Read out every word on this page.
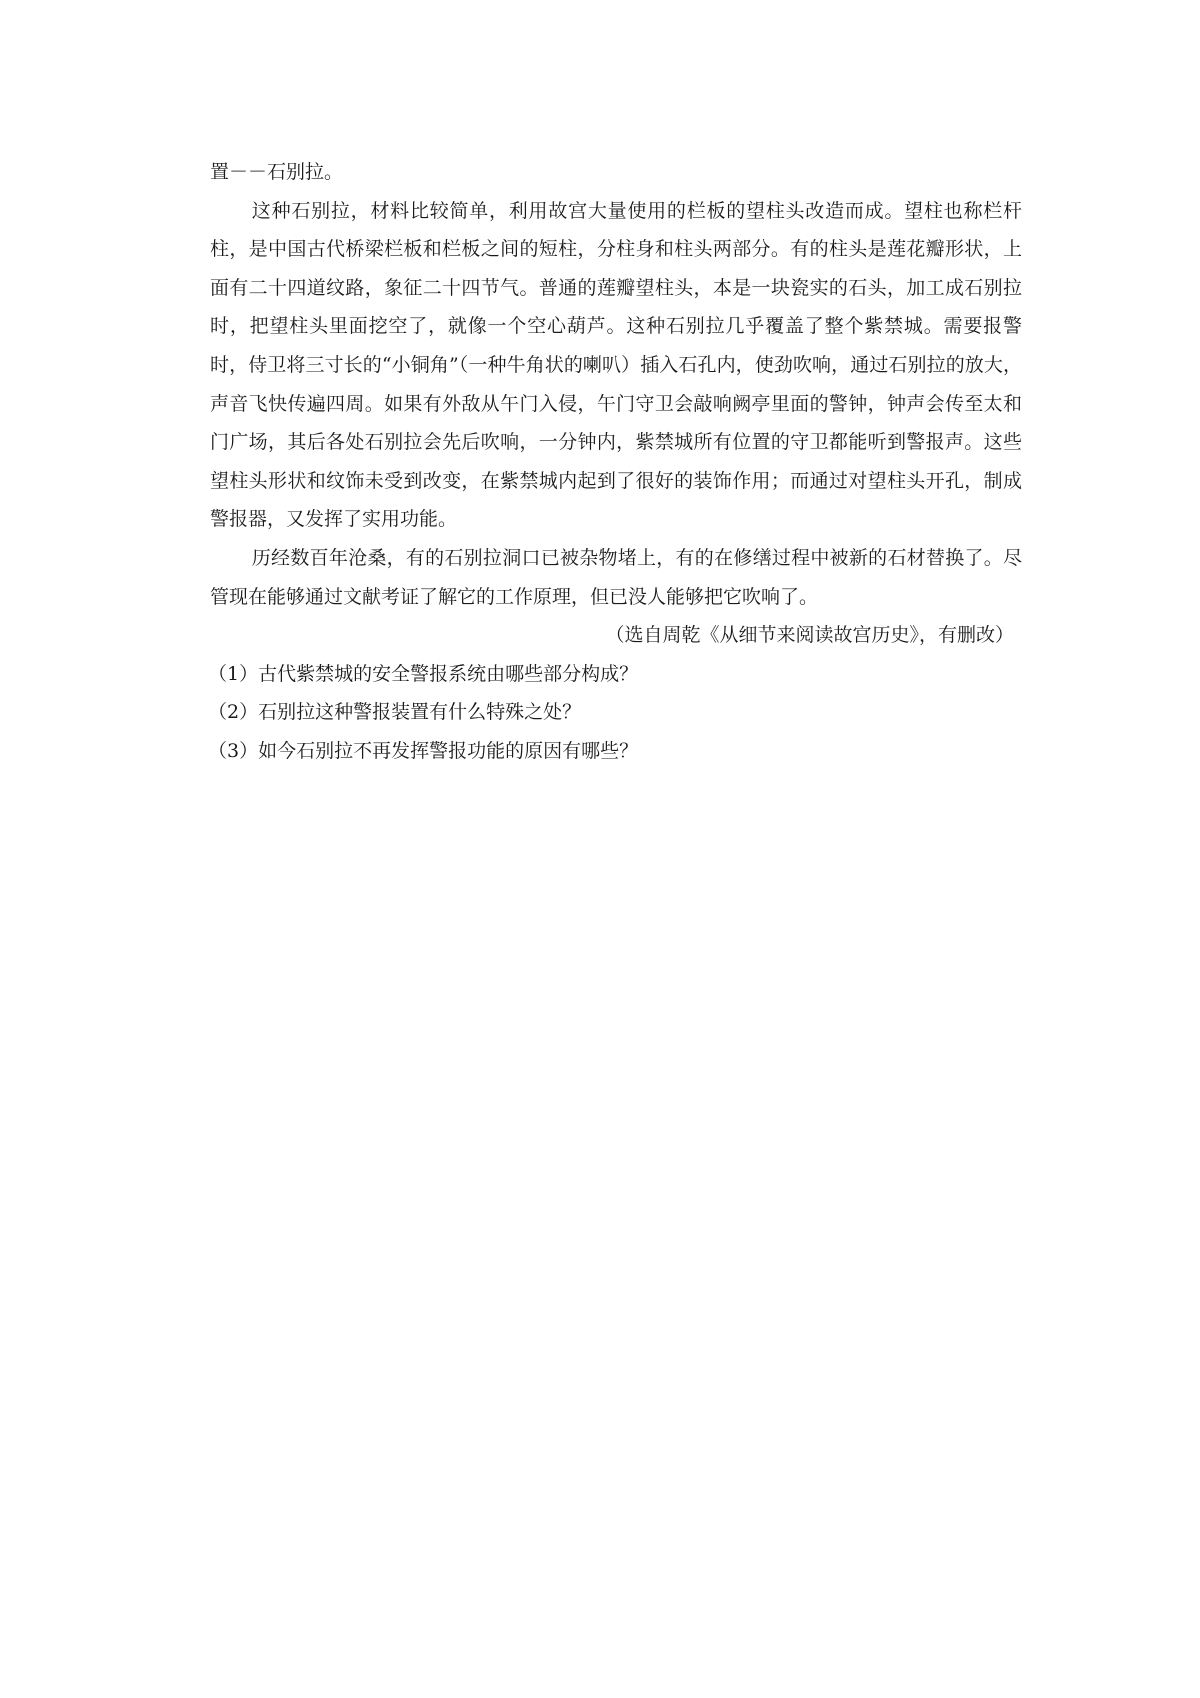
置－－石别拉。

这种石别拉，材料比较简单，利用故宫大量使用的栏板的望柱头改造而成。望柱也称栏杆柱，是中国古代桥梁栏板和栏板之间的短柱，分柱身和柱头两部分。有的柱头是莲花瓣形状，上面有二十四道纹路，象征二十四节气。普通的莲瓣望柱头，本是一块瓷实的石头，加工成石别拉时，把望柱头里面挖空了，就像一个空心葫芦。这种石别拉几乎覆盖了整个紫禁城。需要报警时，侍卫将三寸长的“小铜角”（一种牛角状的喇叭）插入石孔内，使劲吹响，通过石别拉的放大，声音飞快传遍四周。如果有外敌从午门入侵，午门守卫会敲响阙亭里面的警钟，钟声会传至太和门广场，其后各处石别拉会先后吹响，一分钟内，紫禁城所有位置的守卫都能听到警报声。这些望柱头形状和纹饰未受到改变，在紫禁城内起到了很好的装饰作用；而通过对望柱头开孔，制成警报器，又发挥了实用功能。

历经数百年沧桑，有的石别拉洞口已被杂物堵上，有的在修缮过程中被新的石材替换了。尽管现在能够通过文献考证了解它的工作原理，但已没人能够把它吹响了。

（选自周乾《从细节来阅读故宫历史》，有删改）

（1）古代紫禁城的安全警报系统由哪些部分构成？

（2）石别拉这种警报装置有什么特殊之处？

（3）如今石别拉不再发挥警报功能的原因有哪些？
